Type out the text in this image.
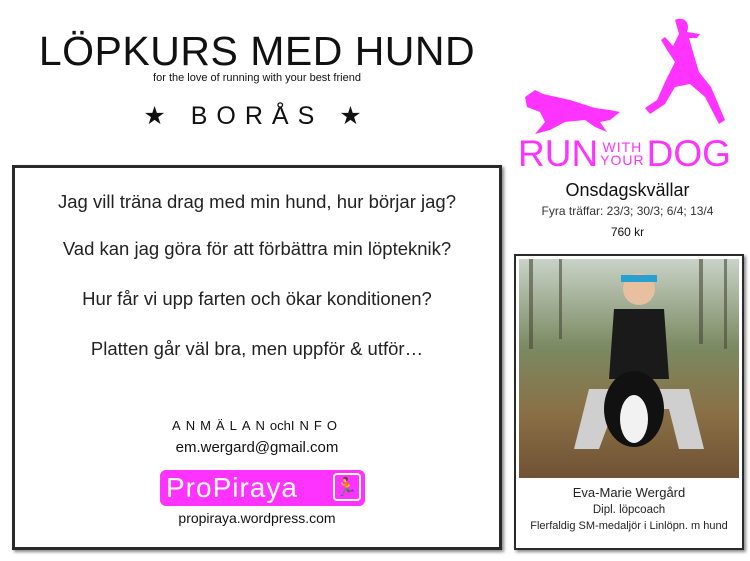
LÖPKURS MED HUND
for the love of running with your best friend
★ BORÅS ★
Jag vill träna drag med min hund, hur börjar jag?
Vad kan jag göra för att förbättra min löpteknik?
Hur får vi upp farten och ökar konditionen?
Platten går väl bra, men uppför & utför…
ANMÄLANochINFO
em.wergard@gmail.com
ProPiraya 🏃
propiraya.wordpress.com
RUN WITH
YOUR DOG
Onsdagskvällar
Fyra träffar: 23/3; 30/3; 6/4; 13/4
760 kr
Eva-Marie Wergård
Dipl. löpcoach
Flerfaldig SM-medaljör i Linlöpn. m hund
